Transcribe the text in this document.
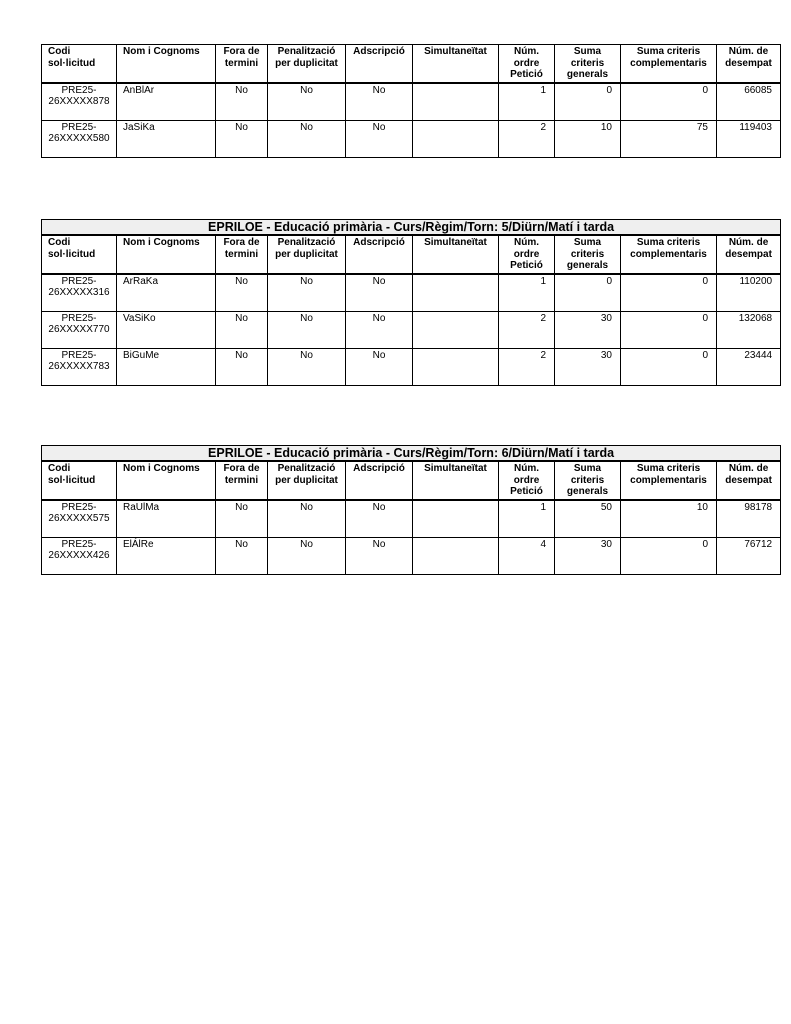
Codi sol·licitud	Nom i Cognoms	Fora de termini	Penalització per duplicitat	Adscripció	Simultaneïtat	Núm. ordre Petició	Suma criteris generals	Suma criteris complementaris	Núm. de desempat
PRE25-26XXXXX878	AnBlAr	No	No	No		1	0	0	66085
PRE25-26XXXXX580	JaSiKa	No	No	No		2	10	75	119403
EPRILOE - Educació primària - Curs/Règim/Torn: 5/Diürn/Matí i tarda									
Codi sol·licitud	Nom i Cognoms	Fora de termini	Penalització per duplicitat	Adscripció	Simultaneïtat	Núm. ordre Petició	Suma criteris generals	Suma criteris complementaris	Núm. de desempat
PRE25-26XXXXX316	ArRaKa	No	No	No		1	0	0	110200
PRE25-26XXXXX770	VaSiKo	No	No	No		2	30	0	132068
PRE25-26XXXXX783	BiGuMe	No	No	No		2	30	0	23444
EPRILOE - Educació primària - Curs/Règim/Torn: 6/Diürn/Matí i tarda									
Codi sol·licitud	Nom i Cognoms	Fora de termini	Penalització per duplicitat	Adscripció	Simultaneïtat	Núm. ordre Petició	Suma criteris generals	Suma criteris complementaris	Núm. de desempat
PRE25-26XXXXX575	RaUlMa	No	No	No		1	50	10	98178
PRE25-26XXXXX426	ElÁlRe	No	No	No		4	30	0	76712
